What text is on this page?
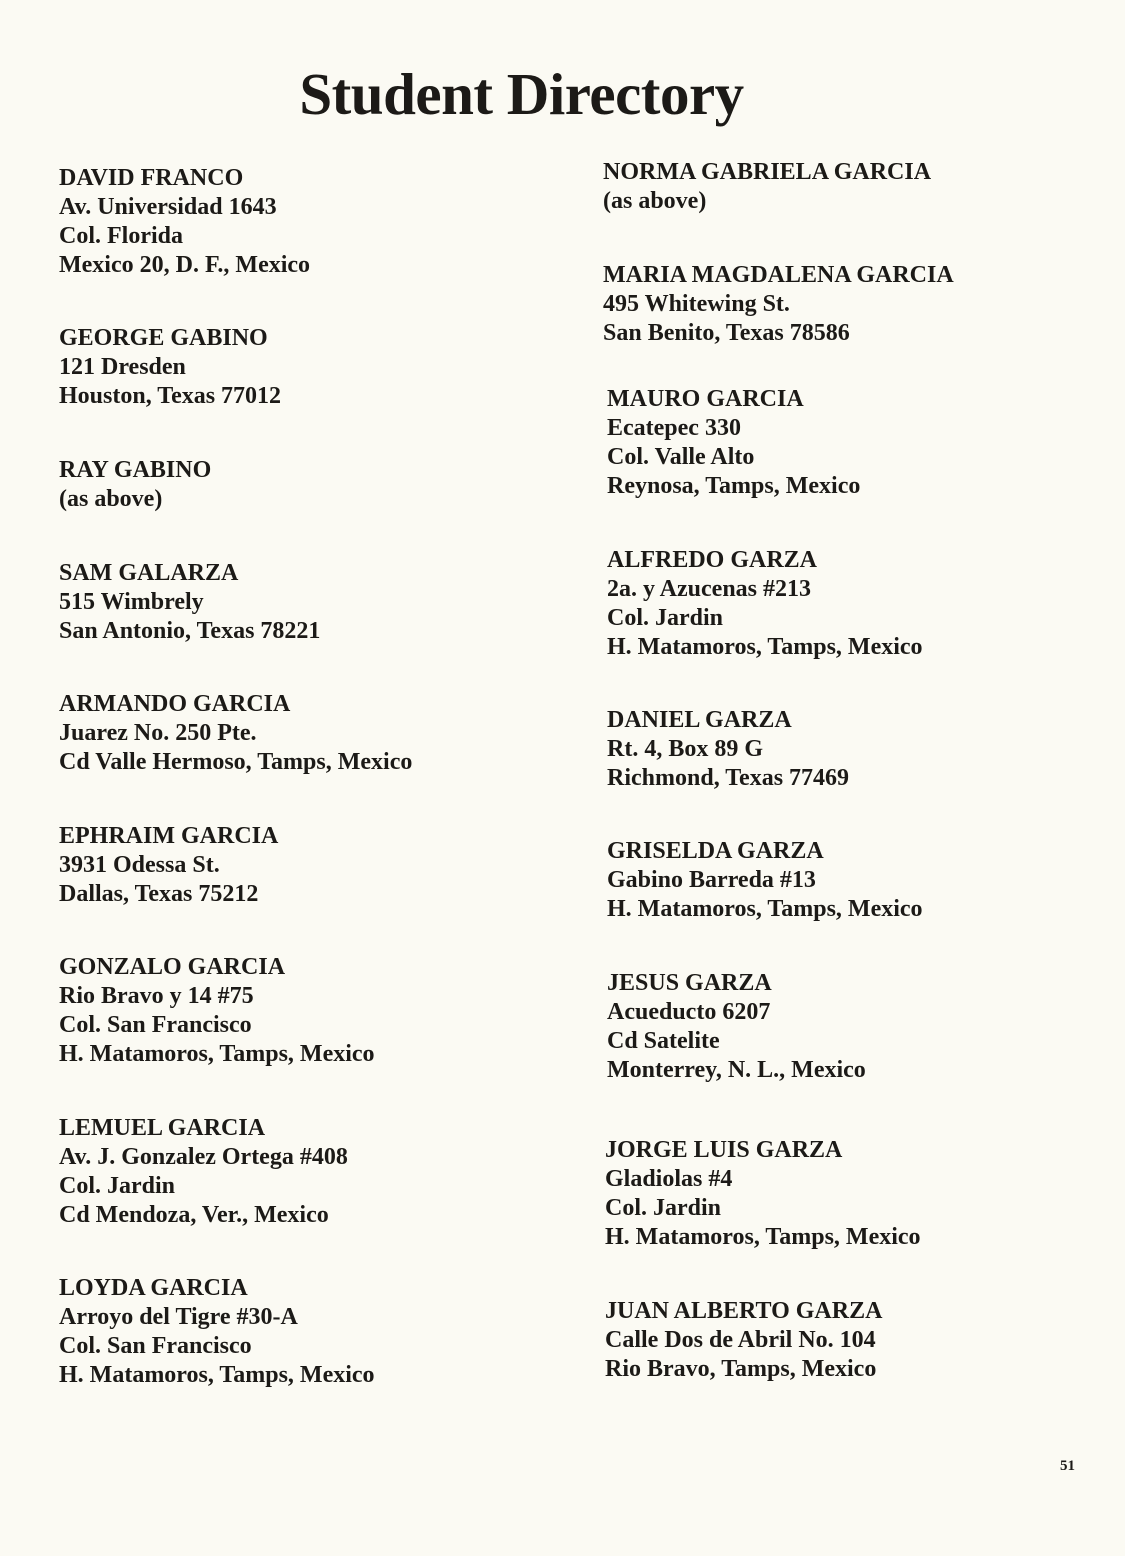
Student Directory
DAVID FRANCO
Av. Universidad 1643
Col. Florida
Mexico 20, D. F., Mexico
GEORGE GABINO
121 Dresden
Houston, Texas 77012
RAY GABINO
(as above)
SAM GALARZA
515 Wimbrely
San Antonio, Texas 78221
ARMANDO GARCIA
Juarez No. 250 Pte.
Cd Valle Hermoso, Tamps, Mexico
EPHRAIM GARCIA
3931 Odessa St.
Dallas, Texas 75212
GONZALO GARCIA
Rio Bravo y 14 #75
Col. San Francisco
H. Matamoros, Tamps, Mexico
LEMUEL GARCIA
Av. J. Gonzalez Ortega #408
Col. Jardin
Cd Mendoza, Ver., Mexico
LOYDA GARCIA
Arroyo del Tigre #30-A
Col. San Francisco
H. Matamoros, Tamps, Mexico
NORMA GABRIELA GARCIA
(as above)
MARIA MAGDALENA GARCIA
495 Whitewing St.
San Benito, Texas 78586
MAURO GARCIA
Ecatepec 330
Col. Valle Alto
Reynosa, Tamps, Mexico
ALFREDO GARZA
2a. y Azucenas #213
Col. Jardin
H. Matamoros, Tamps, Mexico
DANIEL GARZA
Rt. 4, Box 89 G
Richmond, Texas 77469
GRISELDA GARZA
Gabino Barreda #13
H. Matamoros, Tamps, Mexico
JESUS GARZA
Acueducto 6207
Cd Satelite
Monterrey, N. L., Mexico
JORGE LUIS GARZA
Gladiolas #4
Col. Jardin
H. Matamoros, Tamps, Mexico
JUAN ALBERTO GARZA
Calle Dos de Abril No. 104
Rio Bravo, Tamps, Mexico
51
